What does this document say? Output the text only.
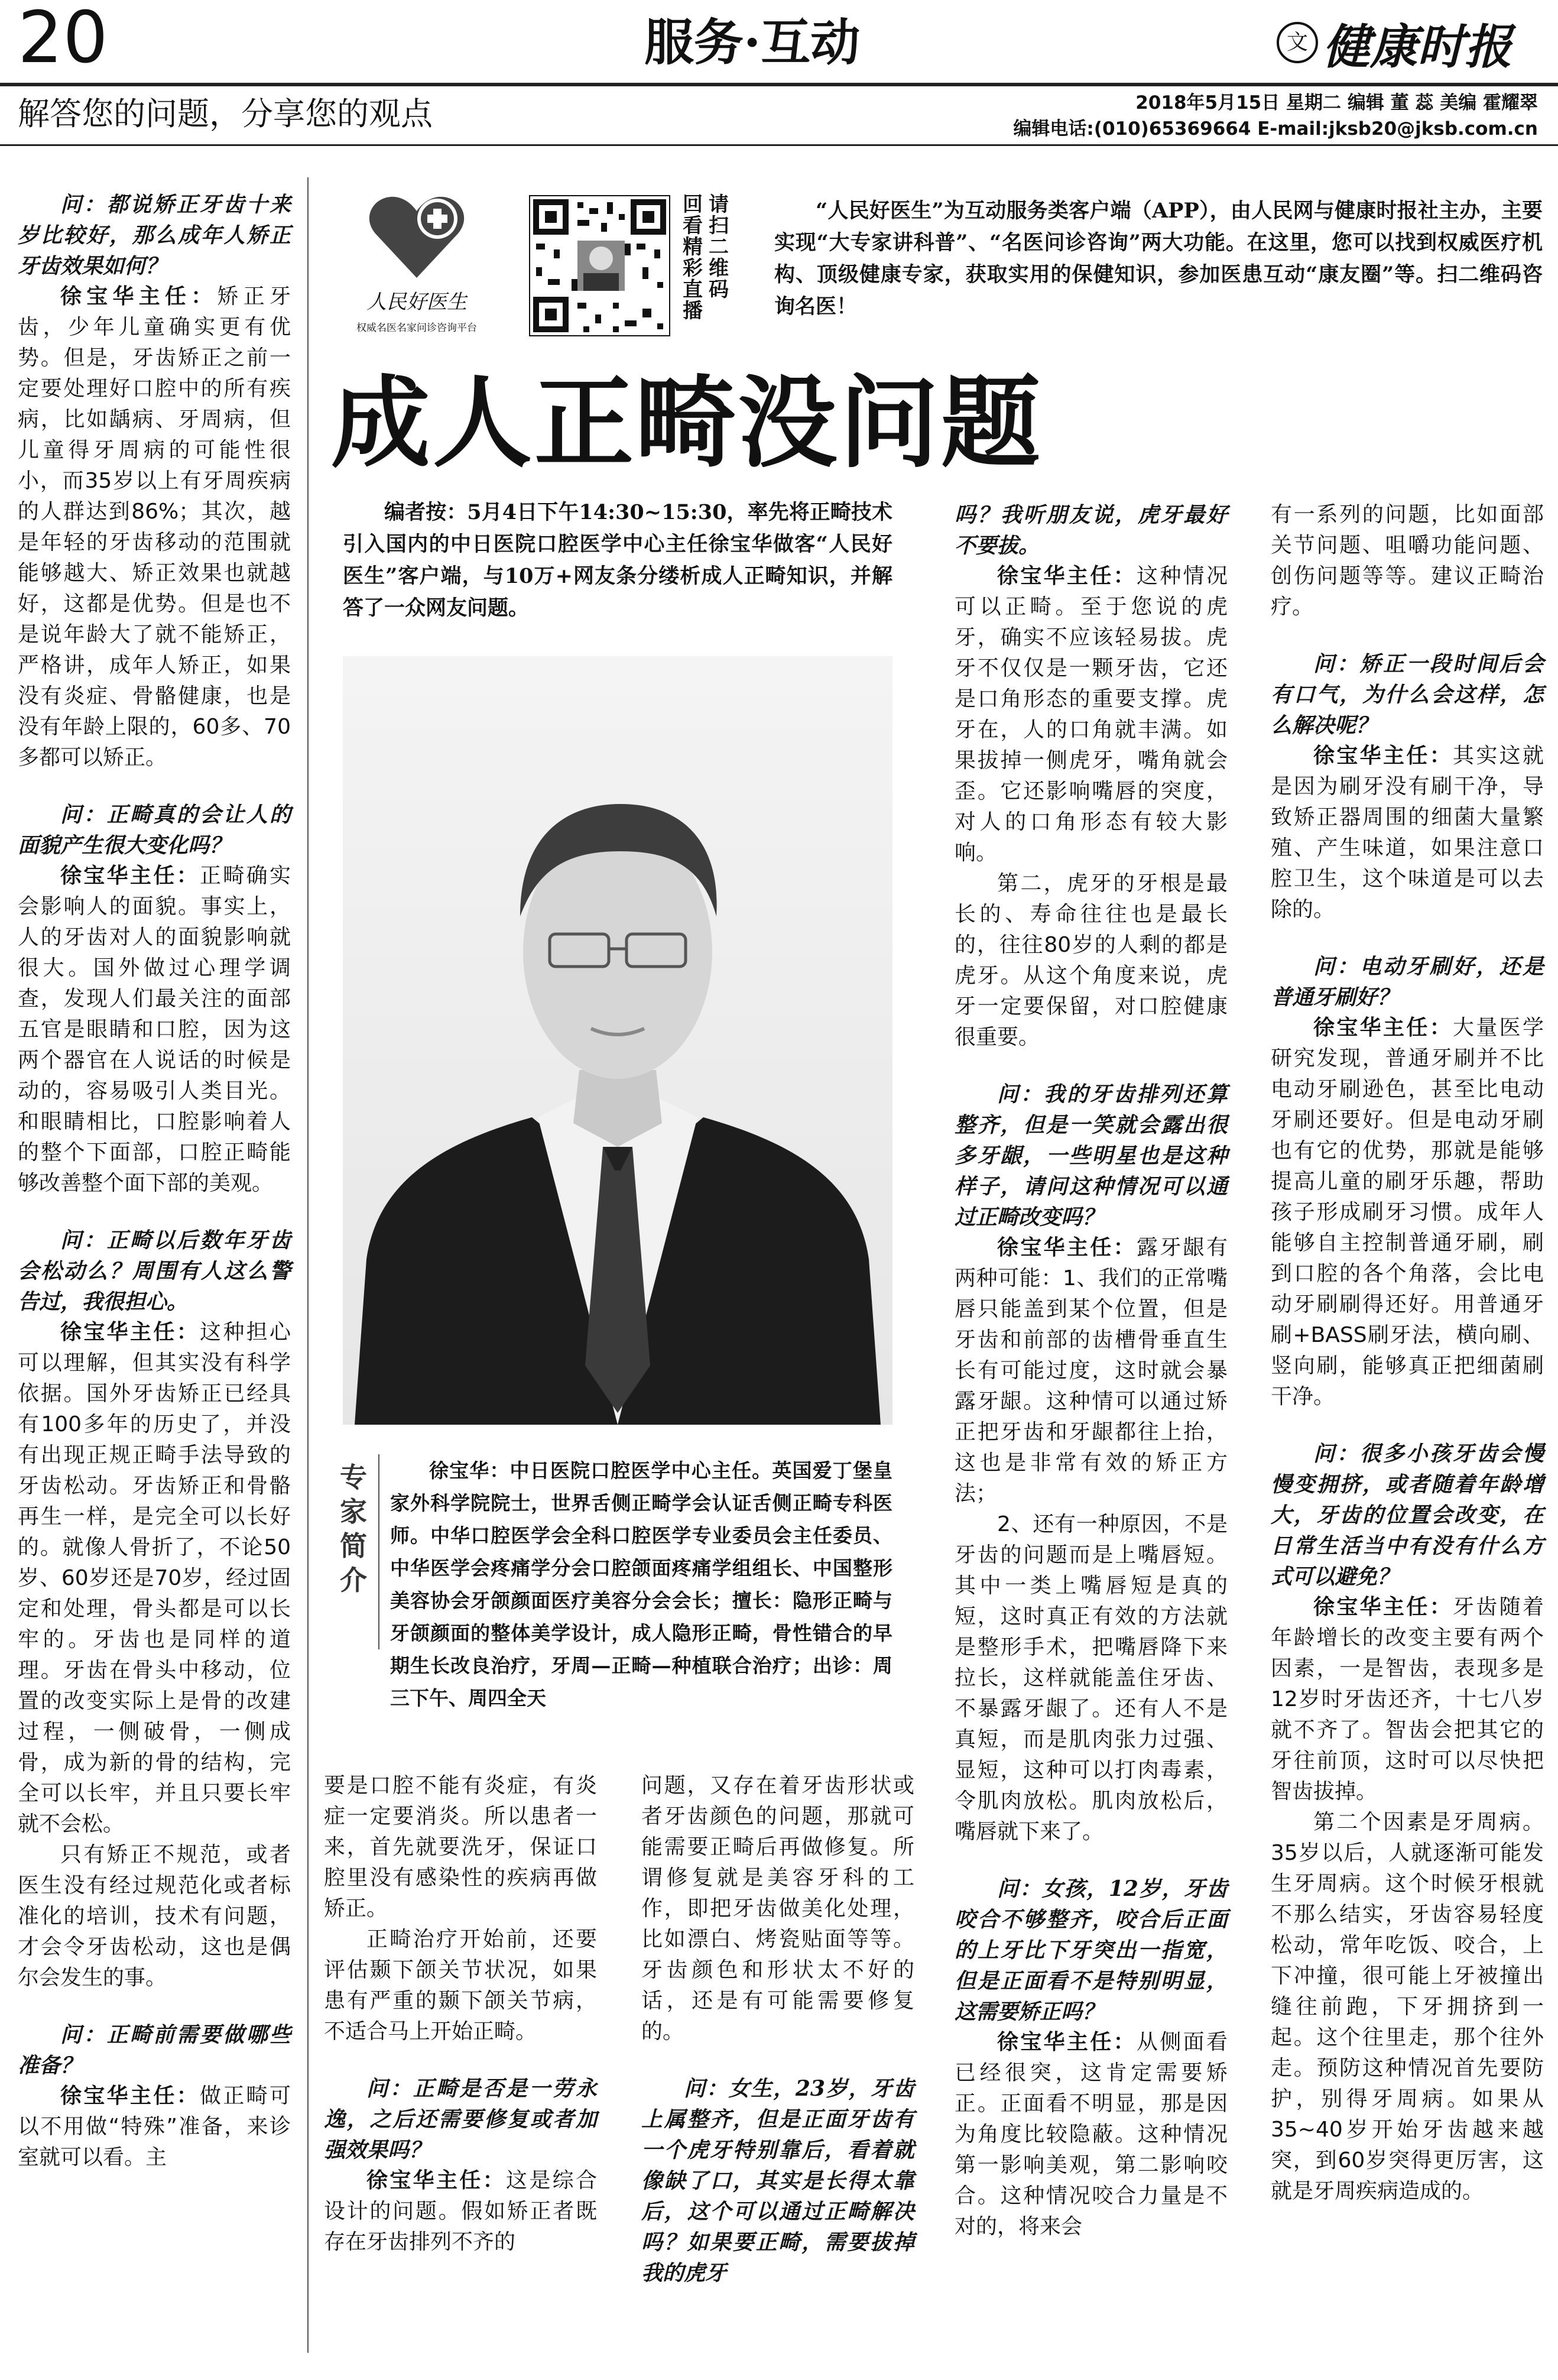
20	服务·互动	文 健康时报
解答您的问题，分享您的观点	2018年5月15日 星期二 编辑 董 蕊 美编 霍耀翠
编辑电话:(010)65369664 E-mail:jksb20@jksb.com.cn
人民好医生
权威名医名家问诊咨询平台
回看精彩直播
请扫二维码
“人民好医生”为互动服务类客户端（APP），由人民网与健康时报社主办，主要实现“大专家讲科普”、“名医问诊咨询”两大功能。在这里，您可以找到权威医疗机构、顶级健康专家，获取实用的保健知识，参加医患互动“康友圈”等。扫二维码咨询名医！
成人正畸没问题
编者按：5月4日下午14:30~15:30，率先将正畸技术引入国内的中日医院口腔医学中心主任徐宝华做客“人民好医生”客户端，与10万+网友条分缕析成人正畸知识，并解答了一众网友问题。
专家简介
徐宝华：中日医院口腔医学中心主任。英国爱丁堡皇家外科学院院士，世界舌侧正畸学会认证舌侧正畸专科医师。中华口腔医学会全科口腔医学专业委员会主任委员、中华医学会疼痛学分会口腔颌面疼痛学组组长、中国整形美容协会牙颌颜面医疗美容分会会长；擅长：隐形正畸与牙颌颜面的整体美学设计，成人隐形正畸，骨性错合的早期生长改良治疗，牙周—正畸—种植联合治疗；出诊：周三下午、周四全天

问：都说矫正牙齿十来岁比较好，那么成年人矫正牙齿效果如何？

徐宝华主任：矫正牙齿，少年儿童确实更有优势。但是，牙齿矫正之前一定要处理好口腔中的所有疾病，比如龋病、牙周病，但儿童得牙周病的可能性很小，而35岁以上有牙周疾病的人群达到86%；其次，越是年轻的牙齿移动的范围就能够越大、矫正效果也就越好，这都是优势。但是也不是说年龄大了就不能矫正，严格讲，成年人矫正，如果没有炎症、骨骼健康，也是没有年龄上限的，60多、70多都可以矫正。

问：正畸真的会让人的面貌产生很大变化吗？

徐宝华主任：正畸确实会影响人的面貌。事实上，人的牙齿对人的面貌影响就很大。国外做过心理学调查，发现人们最关注的面部五官是眼睛和口腔，因为这两个器官在人说话的时候是动的，容易吸引人类目光。和眼睛相比，口腔影响着人的整个下面部，口腔正畸能够改善整个面下部的美观。

问：正畸以后数年牙齿会松动么？周围有人这么警告过，我很担心。

徐宝华主任：这种担心可以理解，但其实没有科学依据。国外牙齿矫正已经具有100多年的历史了，并没有出现正规正畸手法导致的牙齿松动。牙齿矫正和骨骼再生一样，是完全可以长好的。就像人骨折了，不论50岁、60岁还是70岁，经过固定和处理，骨头都是可以长牢的。牙齿也是同样的道理。牙齿在骨头中移动，位置的改变实际上是骨的改建过程，一侧破骨，一侧成骨，成为新的骨的结构，完全可以长牢，并且只要长牢就不会松。

只有矫正不规范，或者医生没有经过规范化或者标准化的培训，技术有问题，才会令牙齿松动，这也是偶尔会发生的事。

问：正畸前需要做哪些准备？

徐宝华主任：做正畸可以不用做“特殊”准备，来诊室就可以看。主

要是口腔不能有炎症，有炎症一定要消炎。所以患者一来，首先就要洗牙，保证口腔里没有感染性的疾病再做矫正。

正畸治疗开始前，还要评估颞下颌关节状况，如果患有严重的颞下颌关节病，不适合马上开始正畸。

问：正畸是否是一劳永逸，之后还需要修复或者加强效果吗？

徐宝华主任：这是综合设计的问题。假如矫正者既存在牙齿排列不齐的

问题，又存在着牙齿形状或者牙齿颜色的问题，那就可能需要正畸后再做修复。所谓修复就是美容牙科的工作，即把牙齿做美化处理，比如漂白、烤瓷贴面等等。牙齿颜色和形状太不好的话，还是有可能需要修复的。

问：女生，23岁，牙齿上属整齐，但是正面牙齿有一个虎牙特别靠后，看着就像缺了口，其实是长得太靠后，这个可以通过正畸解决吗？如果要正畸，需要拔掉我的虎牙

吗？我听朋友说，虎牙最好不要拔。

徐宝华主任：这种情况可以正畸。至于您说的虎牙，确实不应该轻易拔。虎牙不仅仅是一颗牙齿，它还是口角形态的重要支撑。虎牙在，人的口角就丰满。如果拔掉一侧虎牙，嘴角就会歪。它还影响嘴唇的突度，对人的口角形态有较大影响。

第二，虎牙的牙根是最长的、寿命往往也是最长的，往往80岁的人剩的都是虎牙。从这个角度来说，虎牙一定要保留，对口腔健康很重要。

问：我的牙齿排列还算整齐，但是一笑就会露出很多牙龈，一些明星也是这种样子，请问这种情况可以通过正畸改变吗？

徐宝华主任：露牙龈有两种可能：1、我们的正常嘴唇只能盖到某个位置，但是牙齿和前部的齿槽骨垂直生长有可能过度，这时就会暴露牙龈。这种情可以通过矫正把牙齿和牙龈都往上抬，这也是非常有效的矫正方法；

2、还有一种原因，不是牙齿的问题而是上嘴唇短。其中一类上嘴唇短是真的短，这时真正有效的方法就是整形手术，把嘴唇降下来拉长，这样就能盖住牙齿、不暴露牙龈了。还有人不是真短，而是肌肉张力过强、显短，这种可以打肉毒素，令肌肉放松。肌肉放松后，嘴唇就下来了。

问：女孩，12岁，牙齿咬合不够整齐，咬合后正面的上牙比下牙突出一指宽，但是正面看不是特别明显，这需要矫正吗？

徐宝华主任：从侧面看已经很突，这肯定需要矫正。正面看不明显，那是因为角度比较隐蔽。这种情况第一影响美观，第二影响咬合。这种情况咬合力量是不对的，将来会

有一系列的问题，比如面部关节问题、咀嚼功能问题、创伤问题等等。建议正畸治疗。

问：矫正一段时间后会有口气，为什么会这样，怎么解决呢？

徐宝华主任：其实这就是因为刷牙没有刷干净，导致矫正器周围的细菌大量繁殖、产生味道，如果注意口腔卫生，这个味道是可以去除的。

问：电动牙刷好，还是普通牙刷好？

徐宝华主任：大量医学研究发现，普通牙刷并不比电动牙刷逊色，甚至比电动牙刷还要好。但是电动牙刷也有它的优势，那就是能够提高儿童的刷牙乐趣，帮助孩子形成刷牙习惯。成年人能够自主控制普通牙刷，刷到口腔的各个角落，会比电动牙刷刷得还好。用普通牙刷+BASS刷牙法，横向刷、竖向刷，能够真正把细菌刷干净。

问：很多小孩牙齿会慢慢变拥挤，或者随着年龄增大，牙齿的位置会改变，在日常生活当中有没有什么方式可以避免？

徐宝华主任：牙齿随着年龄增长的改变主要有两个因素，一是智齿，表现多是12岁时牙齿还齐，十七八岁就不齐了。智齿会把其它的牙往前顶，这时可以尽快把智齿拔掉。

第二个因素是牙周病。35岁以后，人就逐渐可能发生牙周病。这个时候牙根就不那么结实，牙齿容易轻度松动，常年吃饭、咬合，上下冲撞，很可能上牙被撞出缝往前跑，下牙拥挤到一起。这个往里走，那个往外走。预防这种情况首先要防护，别得牙周病。如果从35~40岁开始牙齿越来越突，到60岁突得更厉害，这就是牙周疾病造成的。
